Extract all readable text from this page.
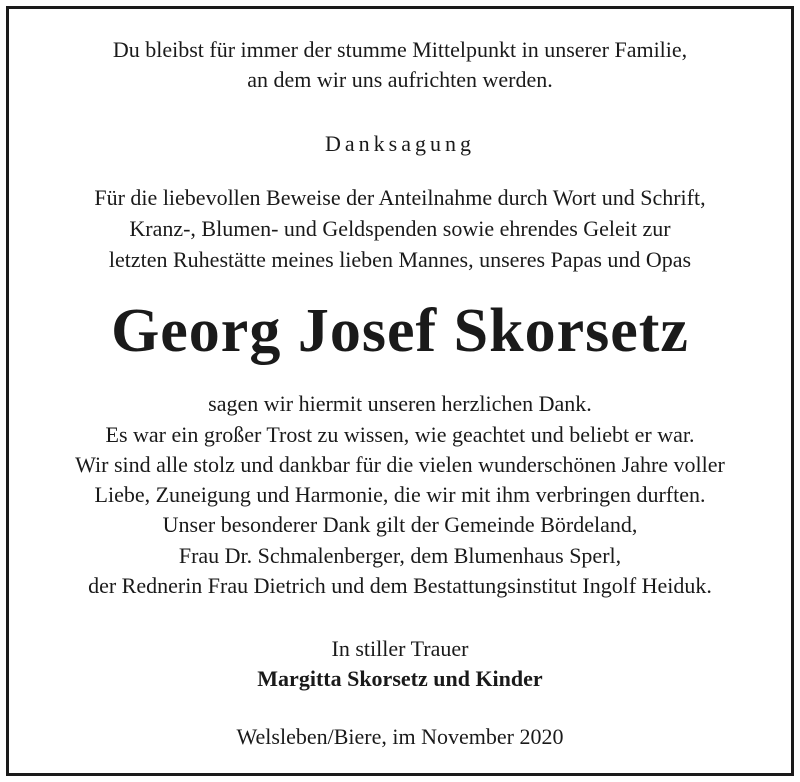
Du bleibst für immer der stumme Mittelpunkt in unserer Familie,
an dem wir uns aufrichten werden.
Danksagung
Für die liebevollen Beweise der Anteilnahme durch Wort und Schrift,
Kranz-, Blumen- und Geldspenden sowie ehrendes Geleit zur
letzten Ruhestätte meines lieben Mannes, unseres Papas und Opas
Georg Josef Skorsetz
sagen wir hiermit unseren herzlichen Dank.
Es war ein großer Trost zu wissen, wie geachtet und beliebt er war.
Wir sind alle stolz und dankbar für die vielen wunderschönen Jahre voller
Liebe, Zuneigung und Harmonie, die wir mit ihm verbringen durften.
Unser besonderer Dank gilt der Gemeinde Bördeland,
Frau Dr. Schmalenberger, dem Blumenhaus Sperl,
der Rednerin Frau Dietrich und dem Bestattungsinstitut Ingolf Heiduk.
In stiller Trauer
Margitta Skorsetz und Kinder
Welsleben/Biere, im November 2020
